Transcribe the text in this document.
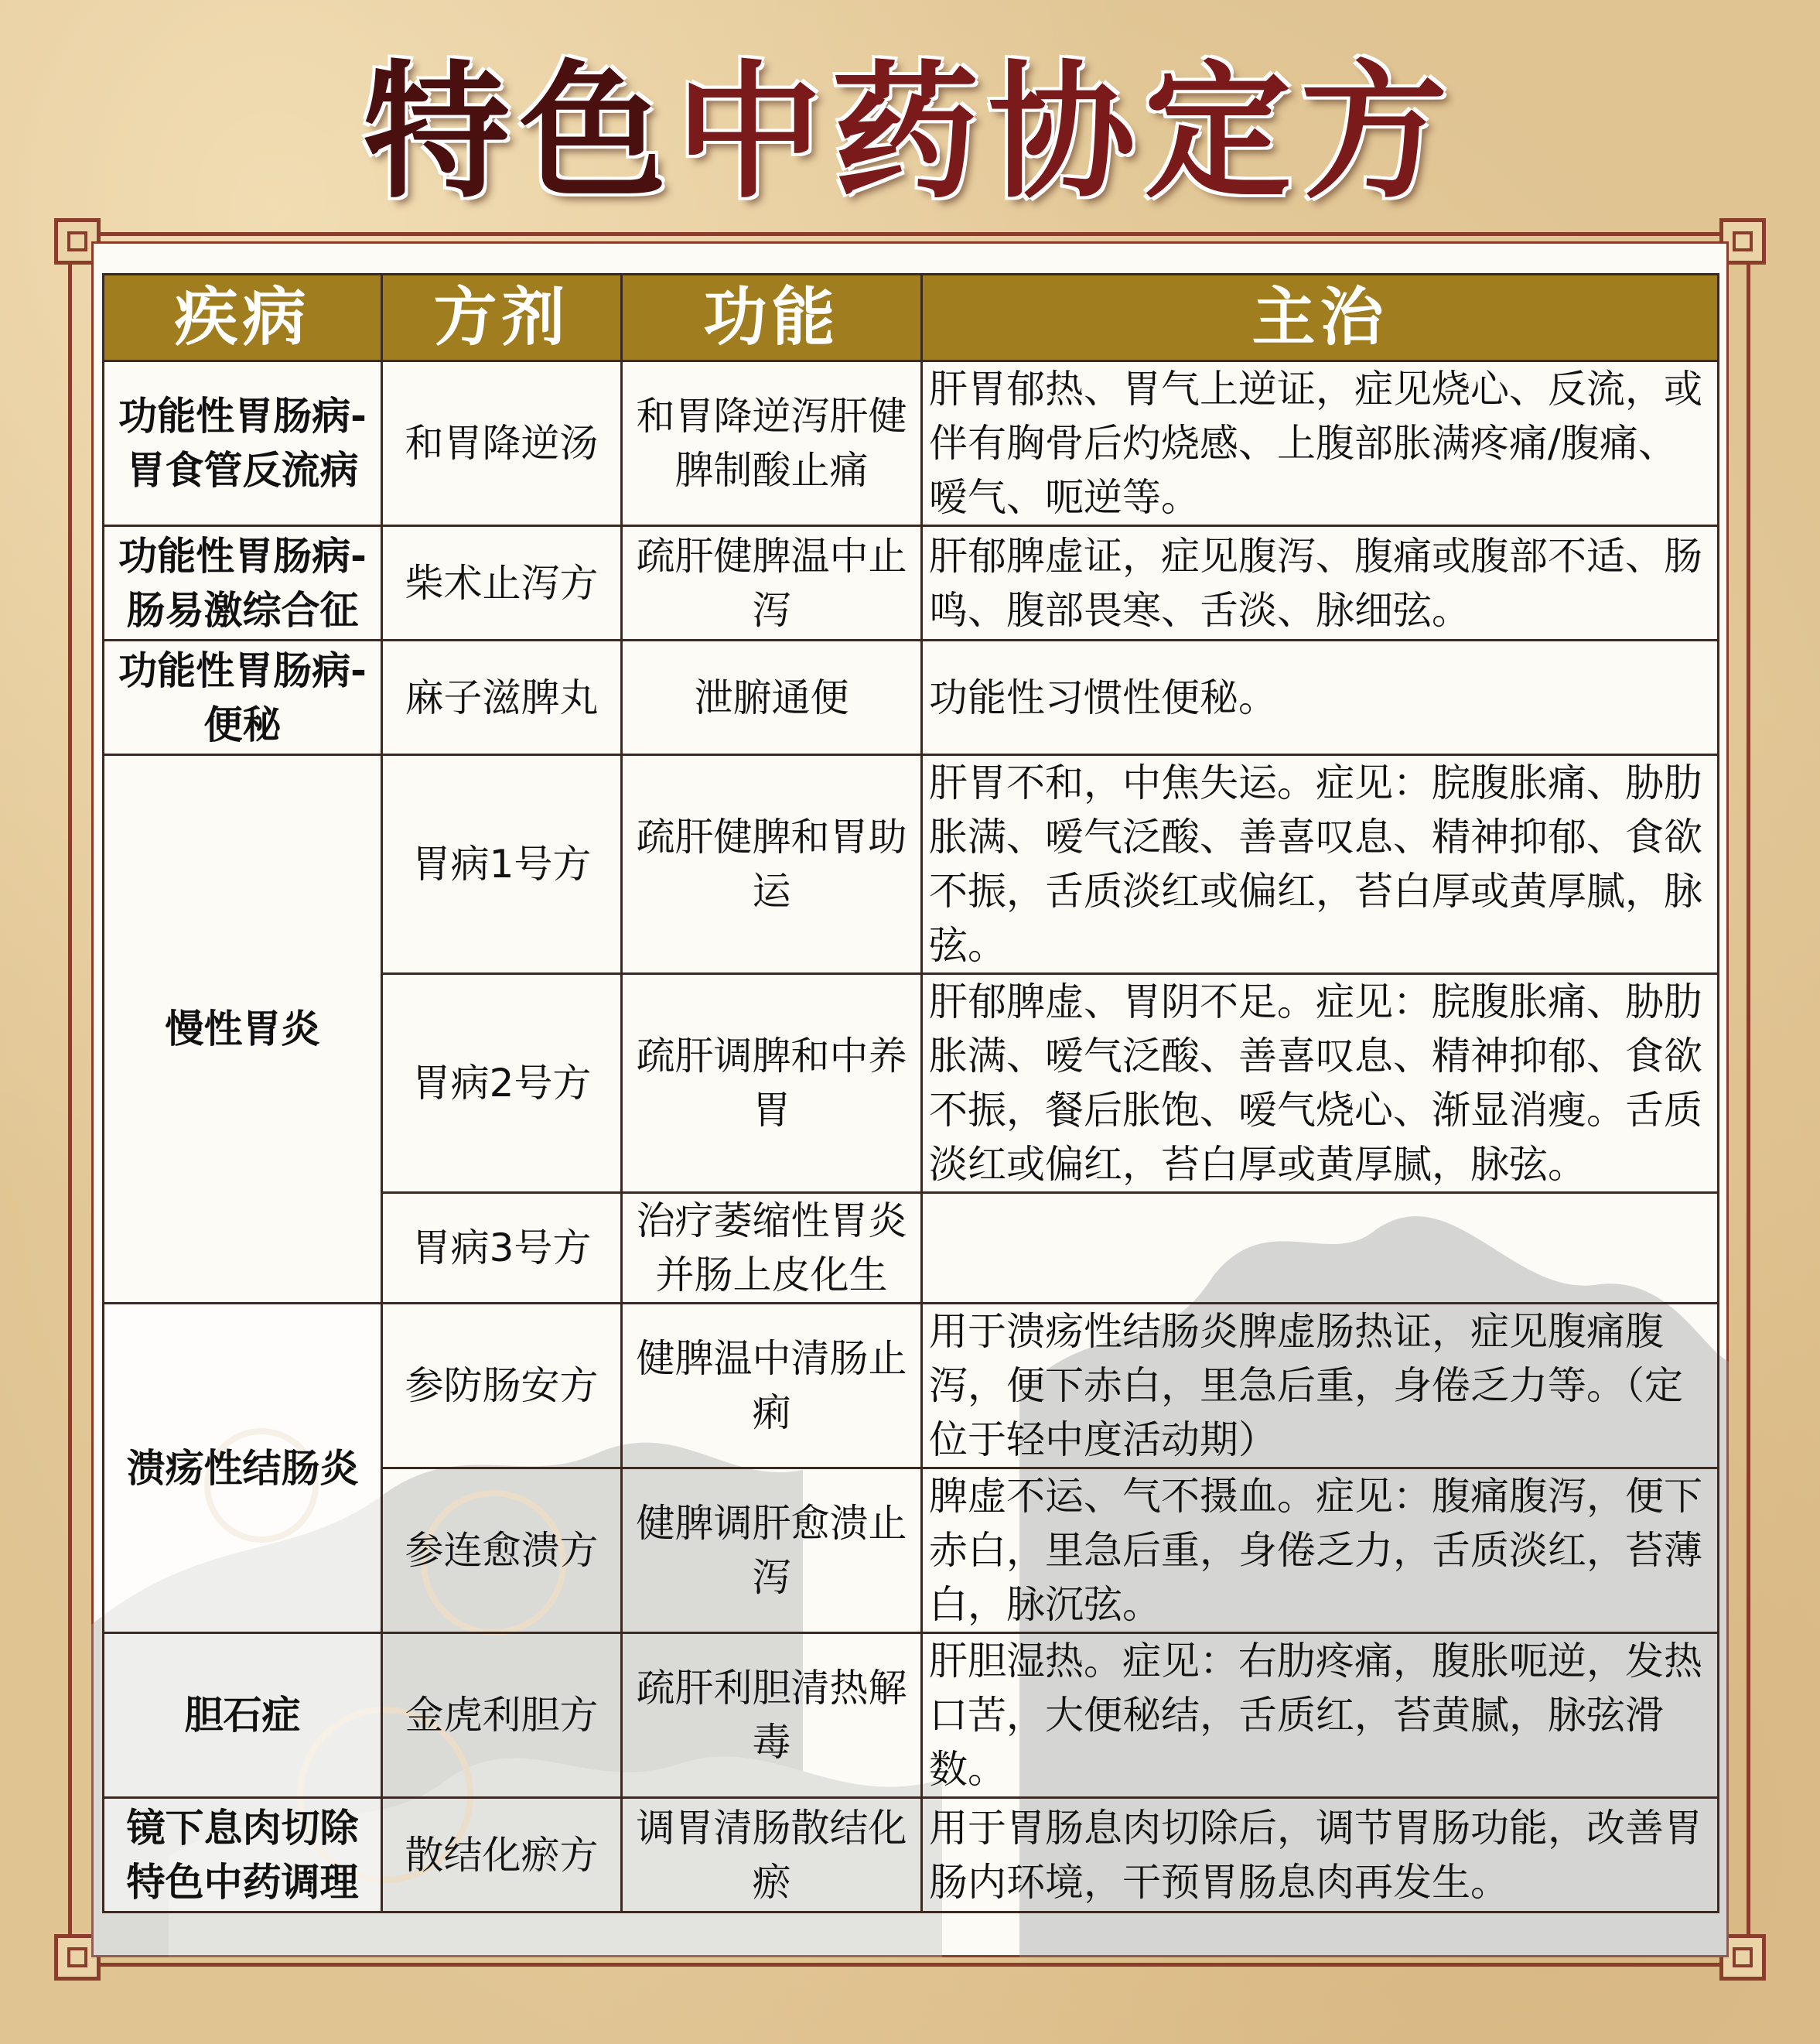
特色 中药协定方
疾病	方剂	功能	主治
功能性胃肠病-胃食管反流病	和胃降逆汤	和胃降逆泻肝健脾制酸止痛	肝胃郁热、胃气上逆证，症见烧心、反流，或伴有胸骨后灼烧感、上腹部胀满疼痛/腹痛、嗳气、呃逆等。
功能性胃肠病-肠易激综合征	柴术止泻方	疏肝健脾温中止泻	肝郁脾虚证，症见腹泻、腹痛或腹部不适、肠鸣、腹部畏寒、舌淡、脉细弦。
功能性胃肠病-便秘	麻子滋脾丸	泄腑通便	功能性习惯性便秘。
慢性胃炎	胃病1号方	疏肝健脾和胃助运	肝胃不和，中焦失运。症见：脘腹胀痛、胁肋胀满、嗳气泛酸、善喜叹息、精神抑郁、食欲不振，舌质淡红或偏红，苔白厚或黄厚腻，脉弦。
	胃病2号方	疏肝调脾和中养胃	肝郁脾虚、胃阴不足。症见：脘腹胀痛、胁肋胀满、嗳气泛酸、善喜叹息、精神抑郁、食欲不振，餐后胀饱、嗳气烧心、渐显消瘦。舌质淡红或偏红，苔白厚或黄厚腻，脉弦。
	胃病3号方	治疗萎缩性胃炎并肠上皮化生	
溃疡性结肠炎	参防肠安方	健脾温中清肠止痢	用于溃疡性结肠炎脾虚肠热证，症见腹痛腹泻，便下赤白，里急后重，身倦乏力等。（定位于轻中度活动期）
	参连愈溃方	健脾调肝愈溃止泻	脾虚不运、气不摄血。症见：腹痛腹泻，便下赤白，里急后重，身倦乏力，舌质淡红，苔薄白，脉沉弦。
胆石症	金虎利胆方	疏肝利胆清热解毒	肝胆湿热。症见：右肋疼痛，腹胀呃逆，发热口苦，大便秘结，舌质红，苔黄腻，脉弦滑数。
镜下息肉切除特色中药调理	散结化瘀方	调胃清肠散结化瘀	用于胃肠息肉切除后，调节胃肠功能，改善胃肠内环境，干预胃肠息肉再发生。
